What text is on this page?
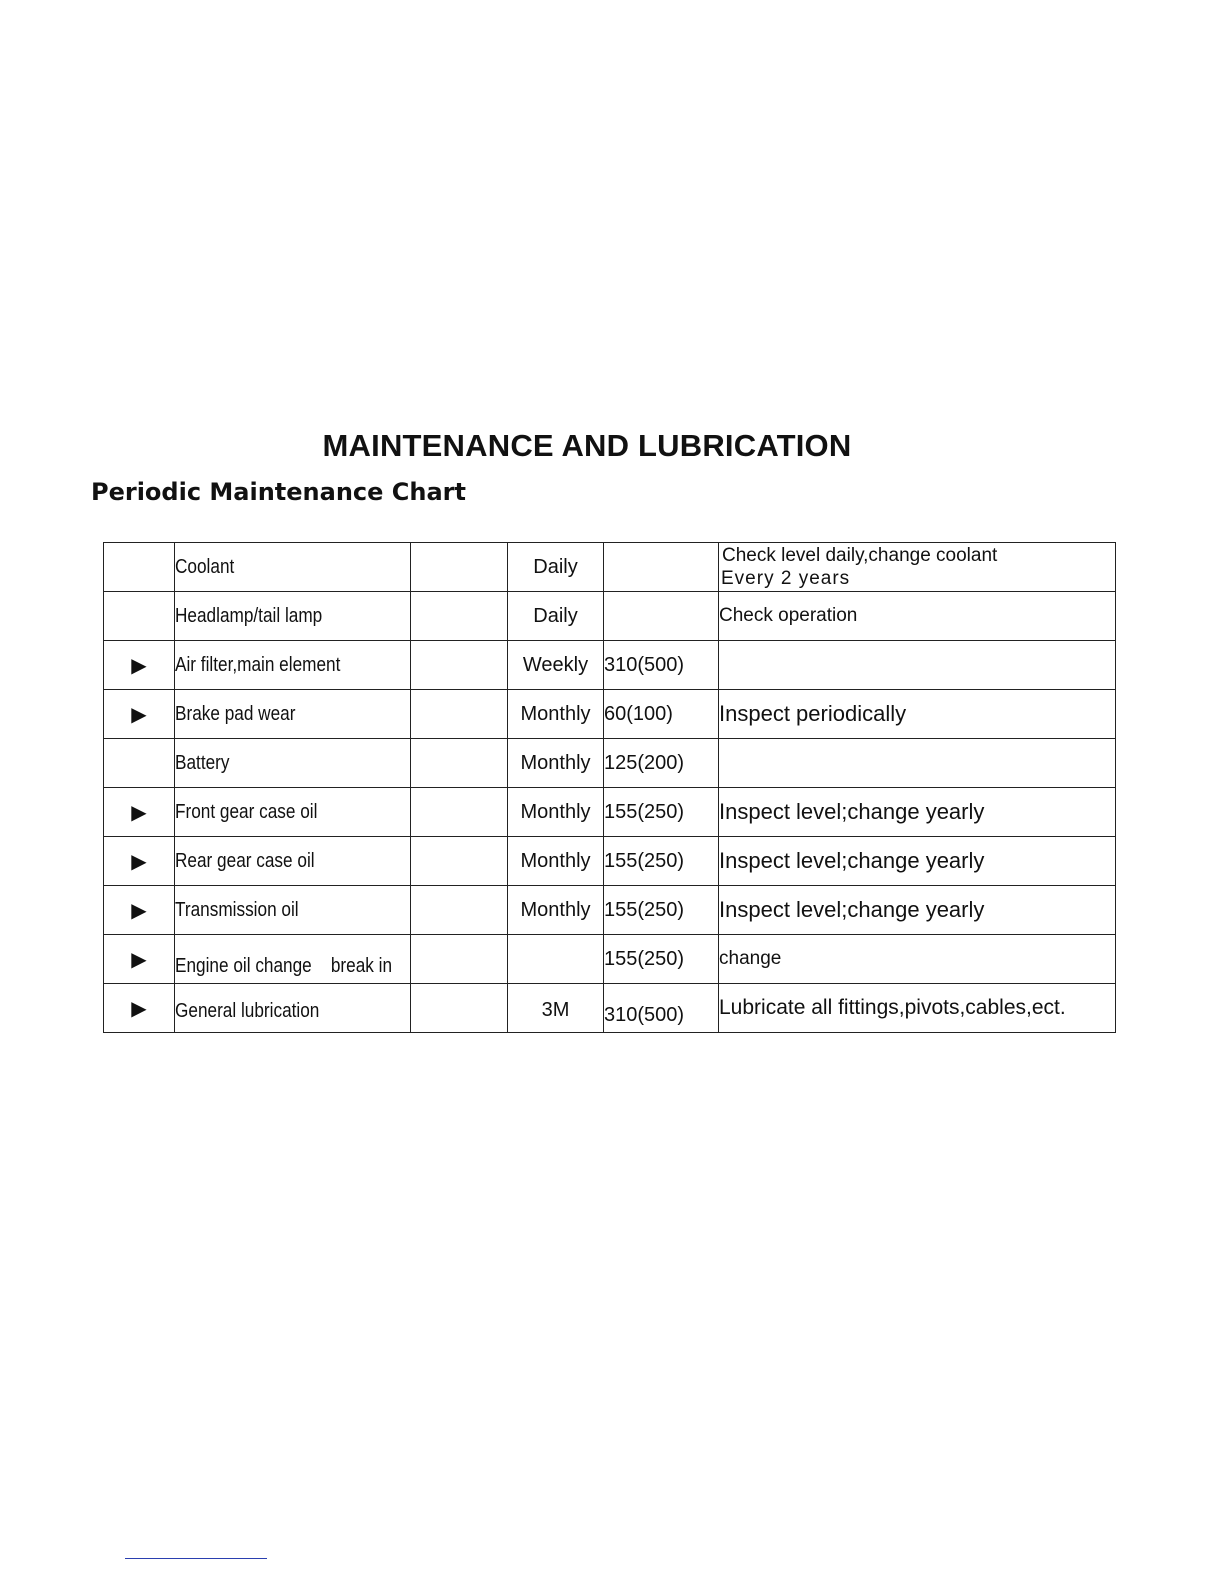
MAINTENANCE AND LUBRICATION
Periodic Maintenance Chart
	Coolant		Daily		Check level daily,change coolant
Every 2 years

	Headlamp/tail lamp		Daily		Check operation
▶	Air filter,main element		Weekly	310(500)	
▶	Brake pad wear		Monthly	60(100)	Inspect periodically
	Battery		Monthly	125(200)	
▶	Front gear case oil		Monthly	155(250)	Inspect level;change yearly
▶	Rear gear case oil		Monthly	155(250)	Inspect level;change yearly
▶	Transmission oil		Monthly	155(250)	Inspect level;change yearly
▶	Engine oil change    break in			155(250)	change
▶	General lubrication		3M	310(500)	Lubricate all fittings,pivots,cables,ect.
